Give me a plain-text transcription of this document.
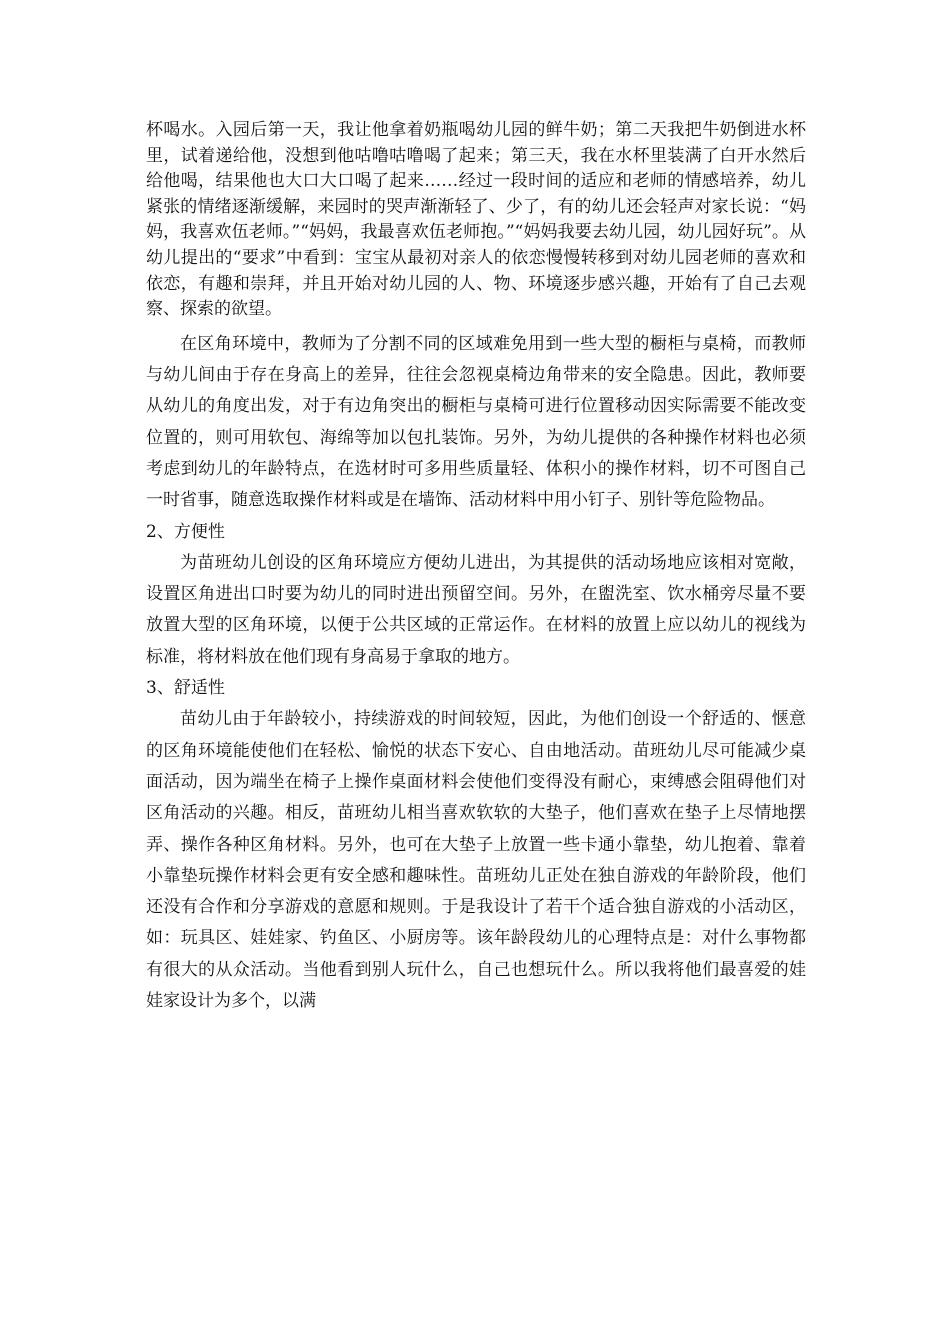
杯喝水。入园后第一天，我让他拿着奶瓶喝幼儿园的鲜牛奶；第二天我把牛奶倒进水杯里，试着递给他，没想到他咕噜咕噜喝了起来；第三天，我在水杯里装满了白开水然后给他喝，结果他也大口大口喝了起来……经过一段时间的适应和老师的情感培养，幼儿紧张的情绪逐渐缓解，来园时的哭声渐渐轻了、少了，有的幼儿还会轻声对家长说：“妈妈，我喜欢伍老师。”“妈妈，我最喜欢伍老师抱。”“妈妈我要去幼儿园，幼儿园好玩”。从幼儿提出的“要求”中看到：宝宝从最初对亲人的依恋慢慢转移到对幼儿园老师的喜欢和依恋，有趣和崇拜，并且开始对幼儿园的人、物、环境逐步感兴趣，开始有了自己去观察、探索的欲望。

在区角环境中，教师为了分割不同的区域难免用到一些大型的橱柜与桌椅，而教师与幼儿间由于存在身高上的差异，往往会忽视桌椅边角带来的安全隐患。因此，教师要从幼儿的角度出发，对于有边角突出的橱柜与桌椅可进行位置移动因实际需要不能改变位置的，则可用软包、海绵等加以包扎装饰。另外，为幼儿提供的各种操作材料也必须考虑到幼儿的年龄特点，在选材时可多用些质量轻、体积小的操作材料，切不可图自己一时省事，随意选取操作材料或是在墙饰、活动材料中用小钉子、别针等危险物品。

2、方便性

为苗班幼儿创设的区角环境应方便幼儿进出，为其提供的活动场地应该相对宽敞，设置区角进出口时要为幼儿的同时进出预留空间。另外，在盥洗室、饮水桶旁尽量不要放置大型的区角环境，以便于公共区域的正常运作。在材料的放置上应以幼儿的视线为标准，将材料放在他们现有身高易于拿取的地方。

3、舒适性

苗幼儿由于年龄较小，持续游戏的时间较短，因此，为他们创设一个舒适的、惬意的区角环境能使他们在轻松、愉悦的状态下安心、自由地活动。苗班幼儿尽可能减少桌面活动，因为端坐在椅子上操作桌面材料会使他们变得没有耐心，束缚感会阻碍他们对区角活动的兴趣。相反，苗班幼儿相当喜欢软软的大垫子，他们喜欢在垫子上尽情地摆弄、操作各种区角材料。另外，也可在大垫子上放置一些卡通小靠垫，幼儿抱着、靠着小靠垫玩操作材料会更有安全感和趣味性。苗班幼儿正处在独自游戏的年龄阶段，他们还没有合作和分享游戏的意愿和规则。于是我设计了若干个适合独自游戏的小活动区，如：玩具区、娃娃家、钓鱼区、小厨房等。该年龄段幼儿的心理特点是：对什么事物都有很大的从众活动。当他看到别人玩什么，自己也想玩什么。所以我将他们最喜爱的娃娃家设计为多个，以满
